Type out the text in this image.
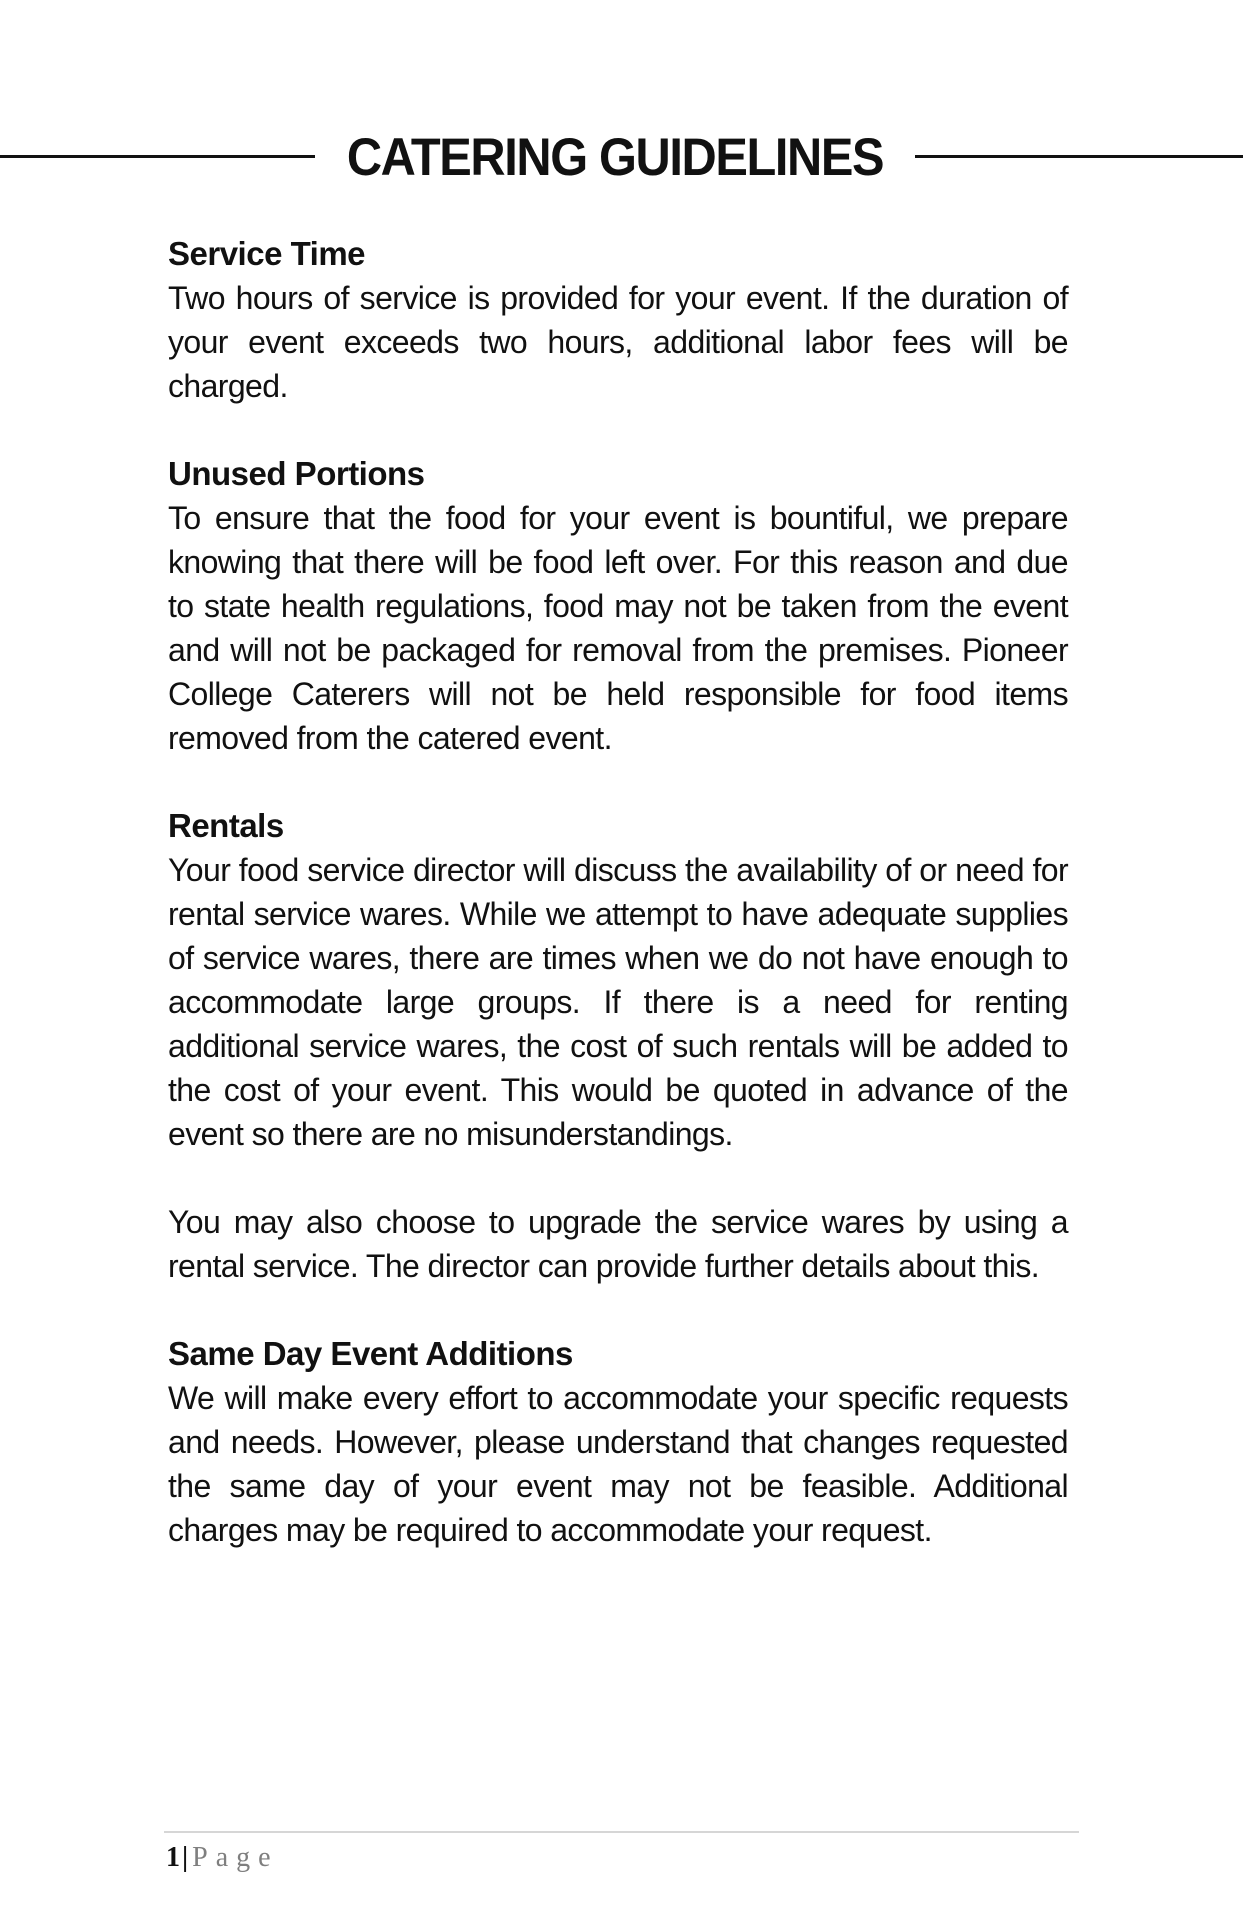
CATERING GUIDELINES
Service Time

Two hours of service is provided for your event. If the duration of your event exceeds two hours, additional labor fees will be charged.

Unused Portions

To ensure that the food for your event is bountiful, we prepare knowing that there will be food left over. For this reason and due to state health regulations, food may not be taken from the event and will not be packaged for removal from the premises. Pioneer College Caterers will not be held responsible for food items removed from the catered event.

Rentals

Your food service director will discuss the availability of or need for rental service wares. While we attempt to have adequate supplies of service wares, there are times when we do not have enough to accommodate large groups. If there is a need for renting additional service wares, the cost of such rentals will be added to the cost of your event. This would be quoted in advance of the event so there are no misunderstandings.

You may also choose to upgrade the service wares by using a rental service. The director can provide further details about this.

Same Day Event Additions

We will make every effort to accommodate your specific requests and needs. However, please understand that changes requested the same day of your event may not be feasible. Additional charges may be required to accommodate your request.

1| Page
